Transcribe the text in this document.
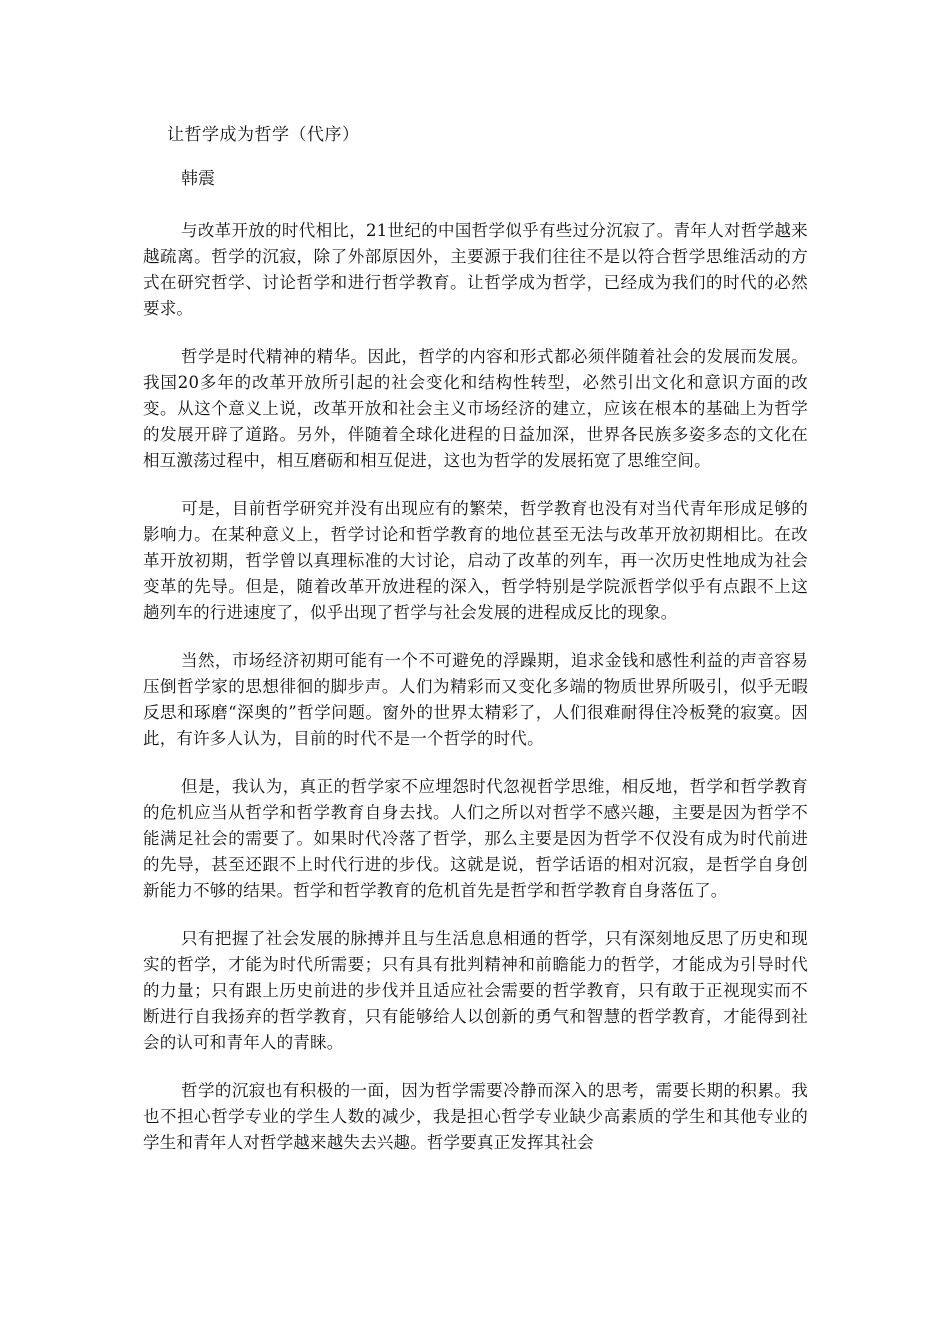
让哲学成为哲学（代序）
韩震

与改革开放的时代相比，21世纪的中国哲学似乎有些过分沉寂了。青年人对哲学越来越疏离。哲学的沉寂，除了外部原因外，主要源于我们往往不是以符合哲学思维活动的方式在研究哲学、讨论哲学和进行哲学教育。让哲学成为哲学，已经成为我们的时代的必然要求。

哲学是时代精神的精华。因此，哲学的内容和形式都必须伴随着社会的发展而发展。我国20多年的改革开放所引起的社会变化和结构性转型，必然引出文化和意识方面的改变。从这个意义上说，改革开放和社会主义市场经济的建立，应该在根本的基础上为哲学的发展开辟了道路。另外，伴随着全球化进程的日益加深，世界各民族多姿多态的文化在相互激荡过程中，相互磨砺和相互促进，这也为哲学的发展拓宽了思维空间。

可是，目前哲学研究并没有出现应有的繁荣，哲学教育也没有对当代青年形成足够的影响力。在某种意义上，哲学讨论和哲学教育的地位甚至无法与改革开放初期相比。在改革开放初期，哲学曾以真理标准的大讨论，启动了改革的列车，再一次历史性地成为社会变革的先导。但是，随着改革开放进程的深入，哲学特别是学院派哲学似乎有点跟不上这趟列车的行进速度了，似乎出现了哲学与社会发展的进程成反比的现象。

当然，市场经济初期可能有一个不可避免的浮躁期，追求金钱和感性利益的声音容易压倒哲学家的思想徘徊的脚步声。人们为精彩而又变化多端的物质世界所吸引，似乎无暇反思和琢磨“深奥的”哲学问题。窗外的世界太精彩了，人们很难耐得住冷板凳的寂寞。因此，有许多人认为，目前的时代不是一个哲学的时代。

但是，我认为，真正的哲学家不应埋怨时代忽视哲学思维，相反地，哲学和哲学教育的危机应当从哲学和哲学教育自身去找。人们之所以对哲学不感兴趣，主要是因为哲学不能满足社会的需要了。如果时代冷落了哲学，那么主要是因为哲学不仅没有成为时代前进的先导，甚至还跟不上时代行进的步伐。这就是说，哲学话语的相对沉寂，是哲学自身创新能力不够的结果。哲学和哲学教育的危机首先是哲学和哲学教育自身落伍了。

只有把握了社会发展的脉搏并且与生活息息相通的哲学，只有深刻地反思了历史和现实的哲学，才能为时代所需要；只有具有批判精神和前瞻能力的哲学，才能成为引导时代的力量；只有跟上历史前进的步伐并且适应社会需要的哲学教育，只有敢于正视现实而不断进行自我扬弃的哲学教育，只有能够给人以创新的勇气和智慧的哲学教育，才能得到社会的认可和青年人的青睐。

哲学的沉寂也有积极的一面，因为哲学需要冷静而深入的思考，需要长期的积累。我也不担心哲学专业的学生人数的减少，我是担心哲学专业缺少高素质的学生和其他专业的学生和青年人对哲学越来越失去兴趣。哲学要真正发挥其社会
